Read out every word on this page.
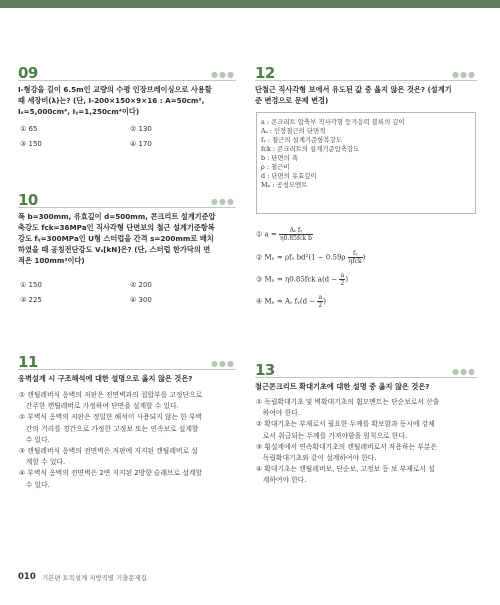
09	●●●
I-형강을 길이 6.5m인 교량의 수평 인장브레이싱으로 사용할
때 세장비(λ)는? (단, I-200×150×9×16 : A=50cm²,
Iₓ=5,000cm⁴, Iᵧ=1,250cm⁴이다)
① 65	② 130
③ 150	④ 170
10	●●●
폭 b=300mm, 유효깊이 d=500mm, 콘크리트 설계기준압
축강도 fck=36MPa인 직사각형 단면보의 철근 설계기준항복
강도 fᵧ=300MPa인 U형 스터럽을 간격 s=200mm로 배치
하였을 때 공칭전단강도 Vₛ[kN]은? (단, 스터럽 한가닥의 면
적은 100mm²이다)
① 150	② 200
③ 225	④ 300
11	●●●
옹벽설계 시 구조해석에 대한 설명으로 옳지 않은 것은?
① 캔틸레버식 옹벽의 저판은 전면벽과의 접합부를 고정단으로
　간주한 캔틸레버로 가정하여 단면을 설계할 수 있다.
② 부벽식 옹벽의 저판은 정밀한 해석이 사용되지 않는 한 부벽
　간의 거리를 경간으로 가정한 고정보 또는 연속보로 설계할
　수 있다.
③ 캔틸레버식 옹벽의 전면벽은 저판에 지지된 캔틸레버로 설
　계할 수 있다.
④ 부벽식 옹벽의 전면벽은 2변 지지된 2방향 슬래브로 설계할
　수 있다.
12	●●●
단철근 직사각형 보에서 유도된 값 중 옳지 않은 것은? (설계기
준 변경으로 문제 변경)
a : 콘크리트 압축부 직사각형 등가응력 블록의 깊이
Aₛ : 인장철근의 단면적
fᵧ : 철근의 설계기준항복강도
fck : 콘크리트의 설계기준압축강도
b : 단면의 폭
ρ : 철근비
d : 단면의 유효깊이
Mₙ : 공칭모멘트
① $a = \frac{\text{Aₛ fᵧ}}{\text{η0.85fck b}}$
② Mₙ = ρfᵧ $bd^2(1 - 0.59\rho \frac{\text{fᵧ}}{\text{ηfck}}$ )
③ Mₙ = η0.85fck $a(d - \frac{a}{2}$ )
④ Mₙ = Aₛ fᵧ(d − $\frac{a}{2}$ )
13	●●●
철근콘크리트 확대기초에 대한 설명 중 옳지 않은 것은?
① 독립확대기초 및 벽확대기초의 휨모멘트는 단순보로서 산출
　하여야 한다.
② 확대기초는 부재로서 필요한 두께를 확보함과 동시에 강체
　로서 취급되는 두께를 가져야함을 원칙으로 한다.
③ 횡설계에서 연속확대기초의 캔틸레버로서 작용하는 부분은
　독립확대기초와 같이 설계하여야 한다.
④ 확대기초는 캔틸레버보, 단순보, 고정보 등 보 부재로서 설
　계하여야 한다.
010 기본편 토목설계 지방직별 기출문제집
